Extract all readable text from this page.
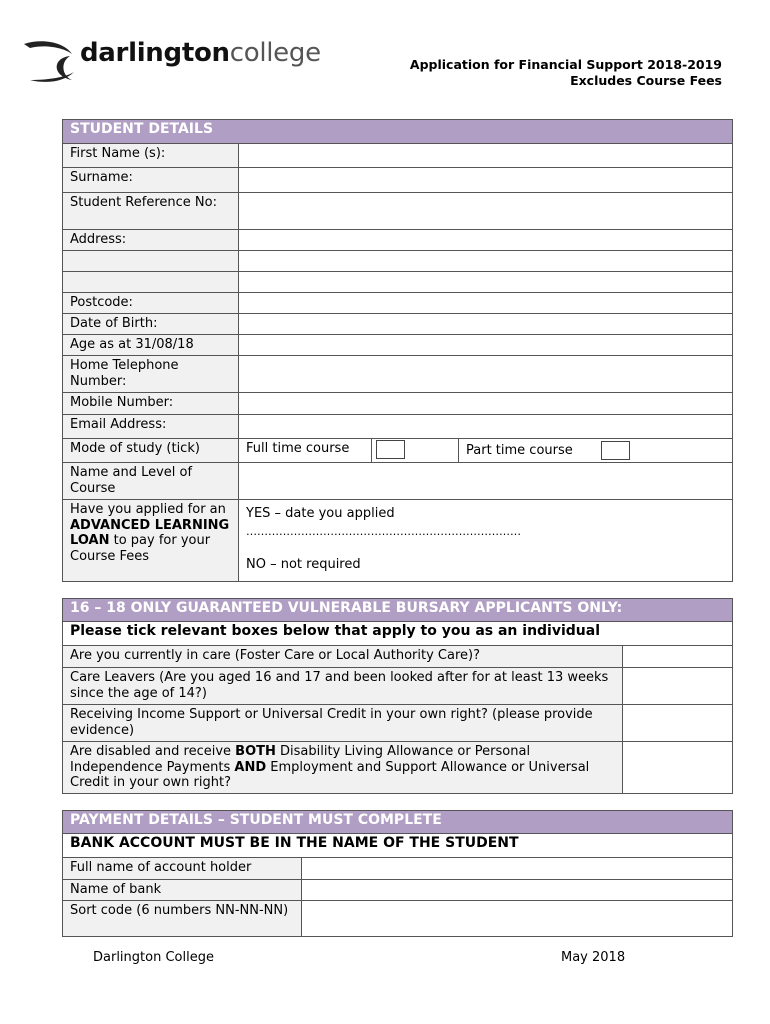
darlingtoncollege	Application for Financial Support 2018-2019
Excludes Course Fees
STUDENT DETAILS			
First Name (s):			
Surname:			
Student Reference No:			
Address:			

Postcode:			
Date of Birth:			
Age as at 31/08/18			
Home Telephone Number:			
Mobile Number:			
Email Address:			
Mode of study (tick)	Full time course		Part time course
Name and Level of Course			
Have you applied for an ADVANCED LEARNING LOAN to pay for your Course Fees	YES – date you applied
…………………………………………………………………
NO – not required		
16 – 18 ONLY GUARANTEED VULNERABLE BURSARY APPLICANTS ONLY:	
Please tick relevant boxes below that apply to you as an individual	
Are you currently in care (Foster Care or Local Authority Care)?	
Care Leavers (Are you aged 16 and 17 and been looked after for at least 13 weeks since the age of 14?)	
Receiving Income Support or Universal Credit in your own right? (please provide evidence)	
Are disabled and receive BOTH Disability Living Allowance or Personal Independence Payments AND Employment and Support Allowance or Universal Credit in your own right?	
PAYMENT DETAILS – STUDENT MUST COMPLETE	
BANK ACCOUNT MUST BE IN THE NAME OF THE STUDENT	
Full name of account holder	
Name of bank	
Sort code (6 numbers NN-NN-NN)	
Darlington College	May 2018
